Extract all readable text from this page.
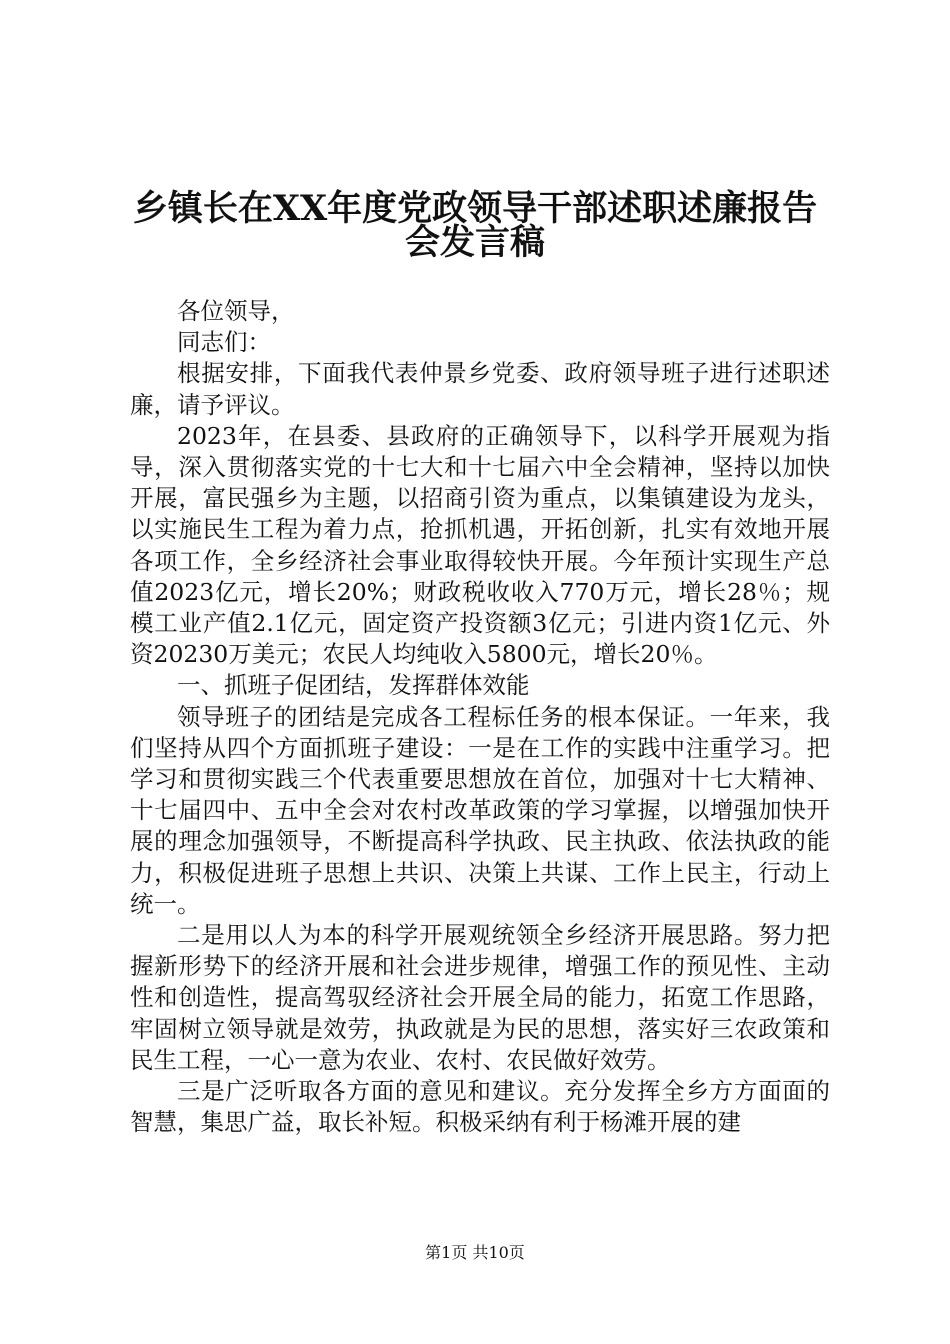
乡镇长在XX年度党政领导干部述职述廉报告
会发言稿

各位领导，

同志们：

根据安排，下面我代表仲景乡党委、政府领导班子进行述职述廉，请予评议。

2023年，在县委、县政府的正确领导下，以科学开展观为指导，深入贯彻落实党的十七大和十七届六中全会精神，坚持以加快开展，富民强乡为主题，以招商引资为重点，以集镇建设为龙头，以实施民生工程为着力点，抢抓机遇，开拓创新，扎实有效地开展各项工作，全乡经济社会事业取得较快开展。今年预计实现生产总值2023亿元，增长20%；财政税收收入770万元，增长28％；规模工业产值2.1亿元，固定资产投资额3亿元；引进内资1亿元、外资20230万美元；农民人均纯收入5800元，增长20％。

一、抓班子促团结，发挥群体效能

领导班子的团结是完成各工程标任务的根本保证。一年来，我们坚持从四个方面抓班子建设：一是在工作的实践中注重学习。把学习和贯彻实践三个代表重要思想放在首位，加强对十七大精神、十七届四中、五中全会对农村改革政策的学习掌握，以增强加快开展的理念加强领导，不断提高科学执政、民主执政、依法执政的能力，积极促进班子思想上共识、决策上共谋、工作上民主，行动上统一。

二是用以人为本的科学开展观统领全乡经济开展思路。努力把握新形势下的经济开展和社会进步规律，增强工作的预见性、主动性和创造性，提高驾驭经济社会开展全局的能力，拓宽工作思路，牢固树立领导就是效劳，执政就是为民的思想，落实好三农政策和民生工程，一心一意为农业、农村、农民做好效劳。

三是广泛听取各方面的意见和建议。充分发挥全乡方方面面的智慧，集思广益，取长补短。积极采纳有利于杨滩开展的建

第1页 共10页
